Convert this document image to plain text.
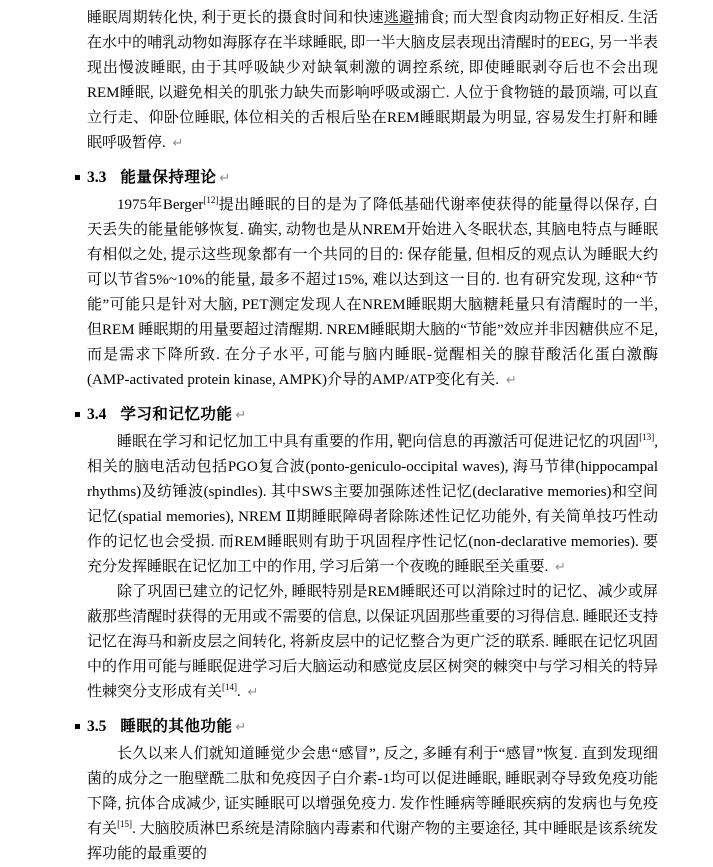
睡眠周期转化快, 利于更长的摄食时间和快速逃避捕食; 而大型食肉动物正好相反. 生活在水中的哺乳动物如海豚存在半球睡眠, 即一半大脑皮层表现出清醒时的EEG, 另一半表现出慢波睡眠, 由于其呼吸缺少对缺氧刺激的调控系统, 即使睡眠剥夺后也不会出现REM睡眠, 以避免相关的肌张力缺失而影响呼吸或溺亡. 人位于食物链的最顶端, 可以直立行走、仰卧位睡眠, 体位相关的舌根后坠在REM睡眠期最为明显, 容易发生打鼾和睡眠呼吸暂停. ↵

3.3 能量保持理论 ↵

1975年Berger[12]提出睡眠的目的是为了降低基础代谢率使获得的能量得以保存, 白天丢失的能量能够恢复. 确实, 动物也是从NREM开始进入冬眠状态, 其脑电特点与睡眠有相似之处, 提示这些现象都有一个共同的目的: 保存能量, 但相反的观点认为睡眠大约可以节省5%~10%的能量, 最多不超过15%, 难以达到这一目的. 也有研究发现, 这种“节能”可能只是针对大脑, PET测定发现人在NREM睡眠期大脑糖耗量只有清醒时的一半, 但REM 睡眠期的用量要超过清醒期. NREM睡眠期大脑的“节能”效应并非因糖供应不足, 而是需求下降所致. 在分子水平, 可能与脑内睡眠-觉醒相关的腺苷酸活化蛋白激酶(AMP-activated protein kinase, AMPK)介导的AMP/ATP变化有关. ↵

3.4 学习和记忆功能 ↵

睡眠在学习和记忆加工中具有重要的作用, 靶向信息的再激活可促进记忆的巩固[13], 相关的脑电活动包括PGO复合波(ponto-geniculo-occipital waves), 海马节律(hippocampal rhythms)及纺锤波(spindles). 其中SWS主要加强陈述性记忆(declarative memories)和空间记忆(spatial memories), NREM Ⅱ期睡眠障碍者除陈述性记忆功能外, 有关简单技巧性动作的记忆也会受损. 而REM睡眠则有助于巩固程序性记忆(non-declarative memories). 要充分发挥睡眠在记忆加工中的作用, 学习后第一个夜晚的睡眠至关重要. ↵

除了巩固已建立的记忆外, 睡眠特别是REM睡眠还可以消除过时的记忆、减少或屏蔽那些清醒时获得的无用或不需要的信息, 以保证巩固那些重要的习得信息. 睡眠还支持记忆在海马和新皮层之间转化, 将新皮层中的记忆整合为更广泛的联系. 睡眠在记忆巩固中的作用可能与睡眠促进学习后大脑运动和感觉皮层区树突的棘突中与学习相关的特异性棘突分支形成有关[14]. ↵

3.5 睡眠的其他功能 ↵

长久以来人们就知道睡觉少会患“感冒”, 反之, 多睡有利于“感冒”恢复. 直到发现细菌的成分之一胞壁酰二肽和免疫因子白介素-1均可以促进睡眠, 睡眠剥夺导致免疫功能下降, 抗体合成减少, 证实睡眠可以增强免疫力. 发作性睡病等睡眠疾病的发病也与免疫有关[15]. 大脑胶质淋巴系统是清除脑内毒素和代谢产物的主要途径, 其中睡眠是该系统发挥功能的最重要的
